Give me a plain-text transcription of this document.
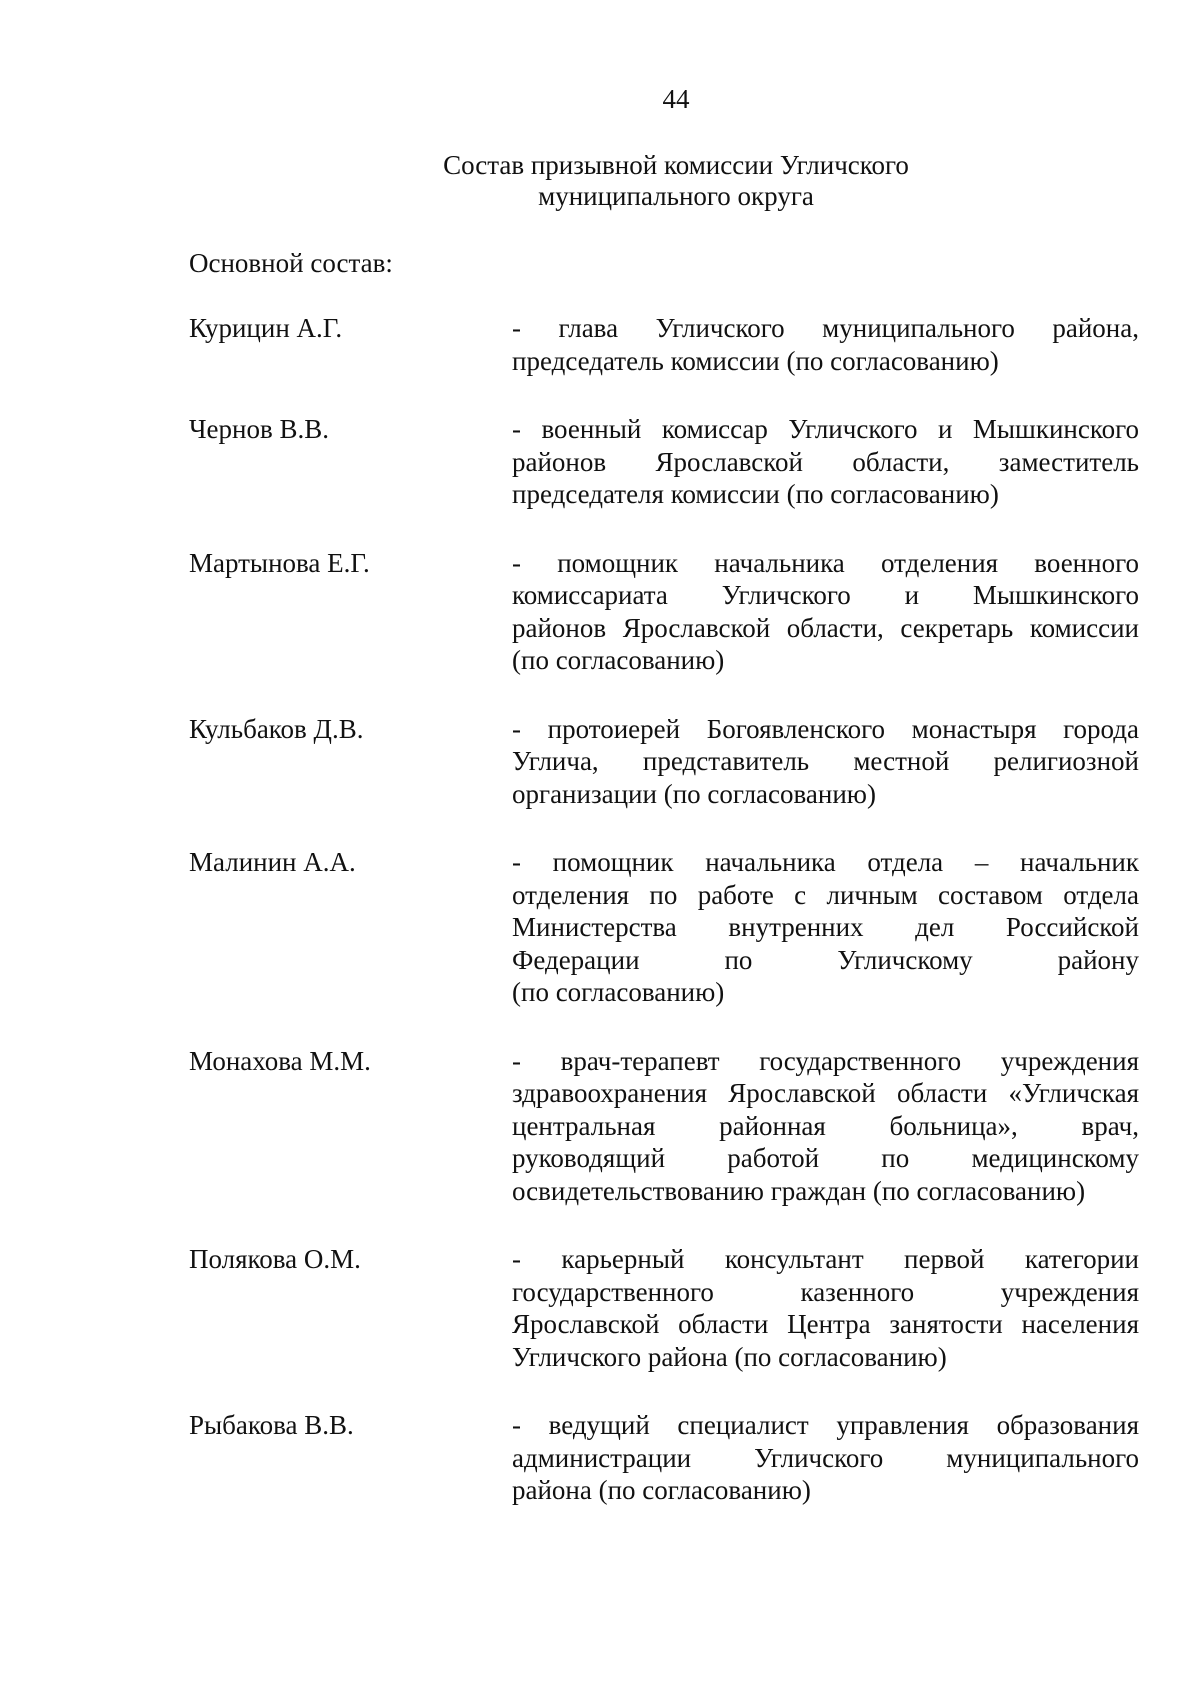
44
Состав призывной комиссии Угличского
муниципального округа
Основной состав:
Курицин А.Г.	- глава Угличского муниципального района,
председатель комиссии (по согласованию)
Чернов В.В.	- военный комиссар Угличского и Мышкинского
районов Ярославской области, заместитель
председателя комиссии (по согласованию)
Мартынова Е.Г.	- помощник начальника отделения военного
комиссариата Угличского и Мышкинского
районов Ярославской области, секретарь комиссии
(по согласованию)
Кульбаков Д.В.	- протоиерей Богоявленского монастыря города
Углича, представитель местной религиозной
организации (по согласованию)
Малинин А.А.	- помощник начальника отдела – начальник
отделения по работе с личным составом отдела
Министерства внутренних дел Российской
Федерации по Угличскому району
(по согласованию)
Монахова М.М.	- врач-терапевт государственного учреждения
здравоохранения Ярославской области «Угличская
центральная районная больница», врач,
руководящий работой по медицинскому
освидетельствованию граждан (по согласованию)
Полякова О.М.	- карьерный консультант первой категории
государственного казенного учреждения
Ярославской области Центра занятости населения
Угличского района (по согласованию)
Рыбакова В.В.	- ведущий специалист управления образования
администрации Угличского муниципального
района (по согласованию)
